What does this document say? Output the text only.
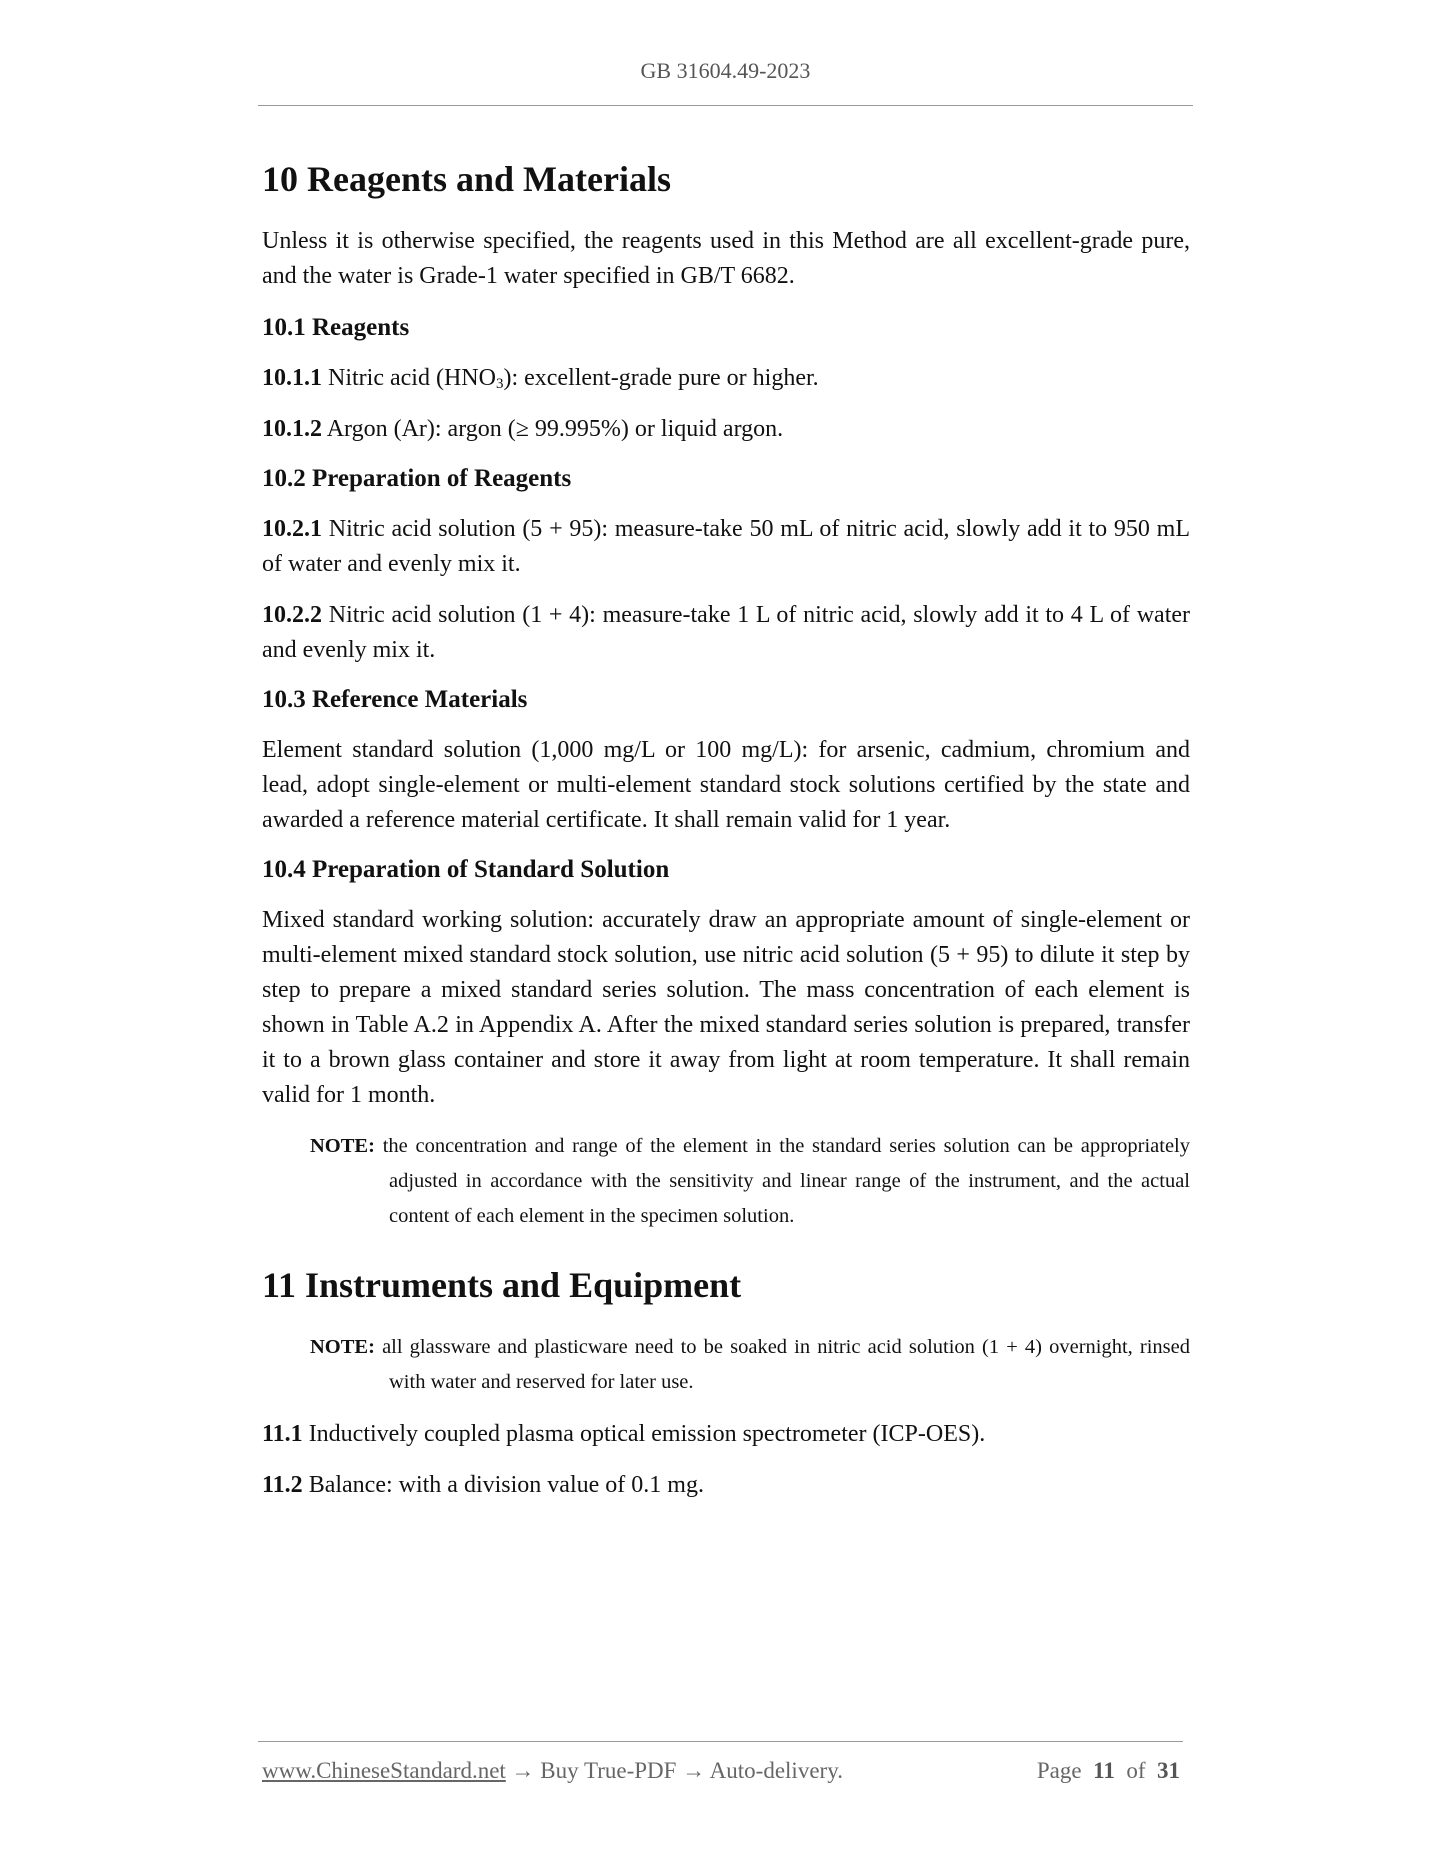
GB 31604.49-2023
10 Reagents and Materials

Unless it is otherwise specified, the reagents used in this Method are all excellent-grade pure, and the water is Grade-1 water specified in GB/T 6682.

10.1 Reagents

10.1.1 Nitric acid $(HNO_3)$: excellent-grade pure or higher.

10.1.2 Argon (Ar): argon (≥ 99.995%) or liquid argon.

10.2 Preparation of Reagents

10.2.1 Nitric acid solution (5 + 95): measure-take 50 mL of nitric acid, slowly add it to 950 mL of water and evenly mix it.

10.2.2 Nitric acid solution (1 + 4): measure-take 1 L of nitric acid, slowly add it to 4 L of water and evenly mix it.

10.3 Reference Materials

Element standard solution (1,000 mg/L or 100 mg/L): for arsenic, cadmium, chromium and lead, adopt single-element or multi-element standard stock solutions certified by the state and awarded a reference material certificate. It shall remain valid for 1 year.

10.4 Preparation of Standard Solution

Mixed standard working solution: accurately draw an appropriate amount of single-element or multi-element mixed standard stock solution, use nitric acid solution (5 + 95) to dilute it step by step to prepare a mixed standard series solution. The mass concentration of each element is shown in Table A.2 in Appendix A. After the mixed standard series solution is prepared, transfer it to a brown glass container and store it away from light at room temperature. It shall remain valid for 1 month.

NOTE: the concentration and range of the element in the standard series solution can be appropriately adjusted in accordance with the sensitivity and linear range of the instrument, and the actual content of each element in the specimen solution.

11 Instruments and Equipment

NOTE: all glassware and plasticware need to be soaked in nitric acid solution (1 + 4) overnight, rinsed with water and reserved for later use.

11.1 Inductively coupled plasma optical emission spectrometer (ICP-OES).

11.2 Balance: with a division value of 0.1 mg.

www.ChineseStandard.net → Buy True-PDF → Auto-delivery.	Page 11 of 31
